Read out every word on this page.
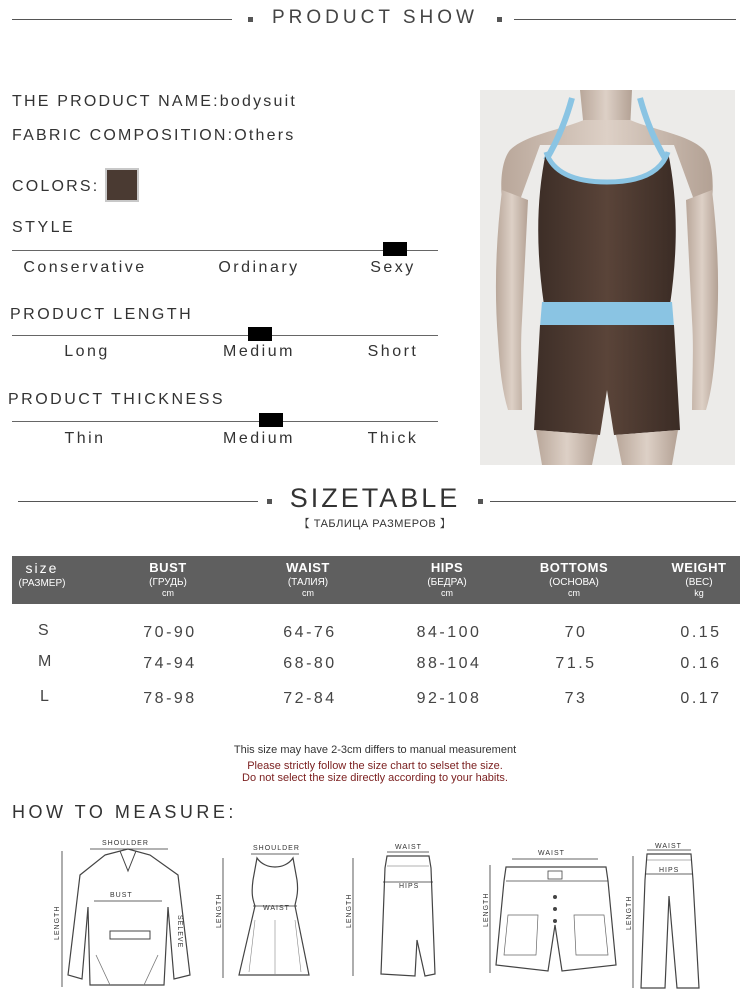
PRODUCT SHOW
THE PRODUCT NAME:bodysuit
FABRIC COMPOSITION:Others
COLORS:
STYLE
Conservative	Ordinary	Sexy
PRODUCT LENGTH
Long	Medium	Short
PRODUCT THICKNESS
Thin	Medium	Thick
SIZETABLE
【 ТАБЛИЦА РАЗМЕРОВ 】
size
(РАЗМЕР)
BUST
(ГРУДЬ)
cm
WAIST
(ТАЛИЯ)
cm
HIPS
(БЕДРА)
cm
BOTTOMS
(ОСНОВА)
cm
WEIGHT
(ВЕС)
kg
S	70-90	64-76	84-100	70	0.15
M	74-94	68-80	88-104	71.5	0.16
L	78-98	72-84	92-108	73	0.17
This size may have 2-3cm differs to manual measurement
Please strictly follow the size chart to selset the size.
Do not select the size directly according to your habits.
HOW TO MEASURE:
SHOULDER
LENGTH
BUST
SELEVE
SHOULDER
LENGTH	WAIST
WAIST
LENGTH
HIPS
WAIST
LENGTH
WAIST
LENGTH
HIPS
